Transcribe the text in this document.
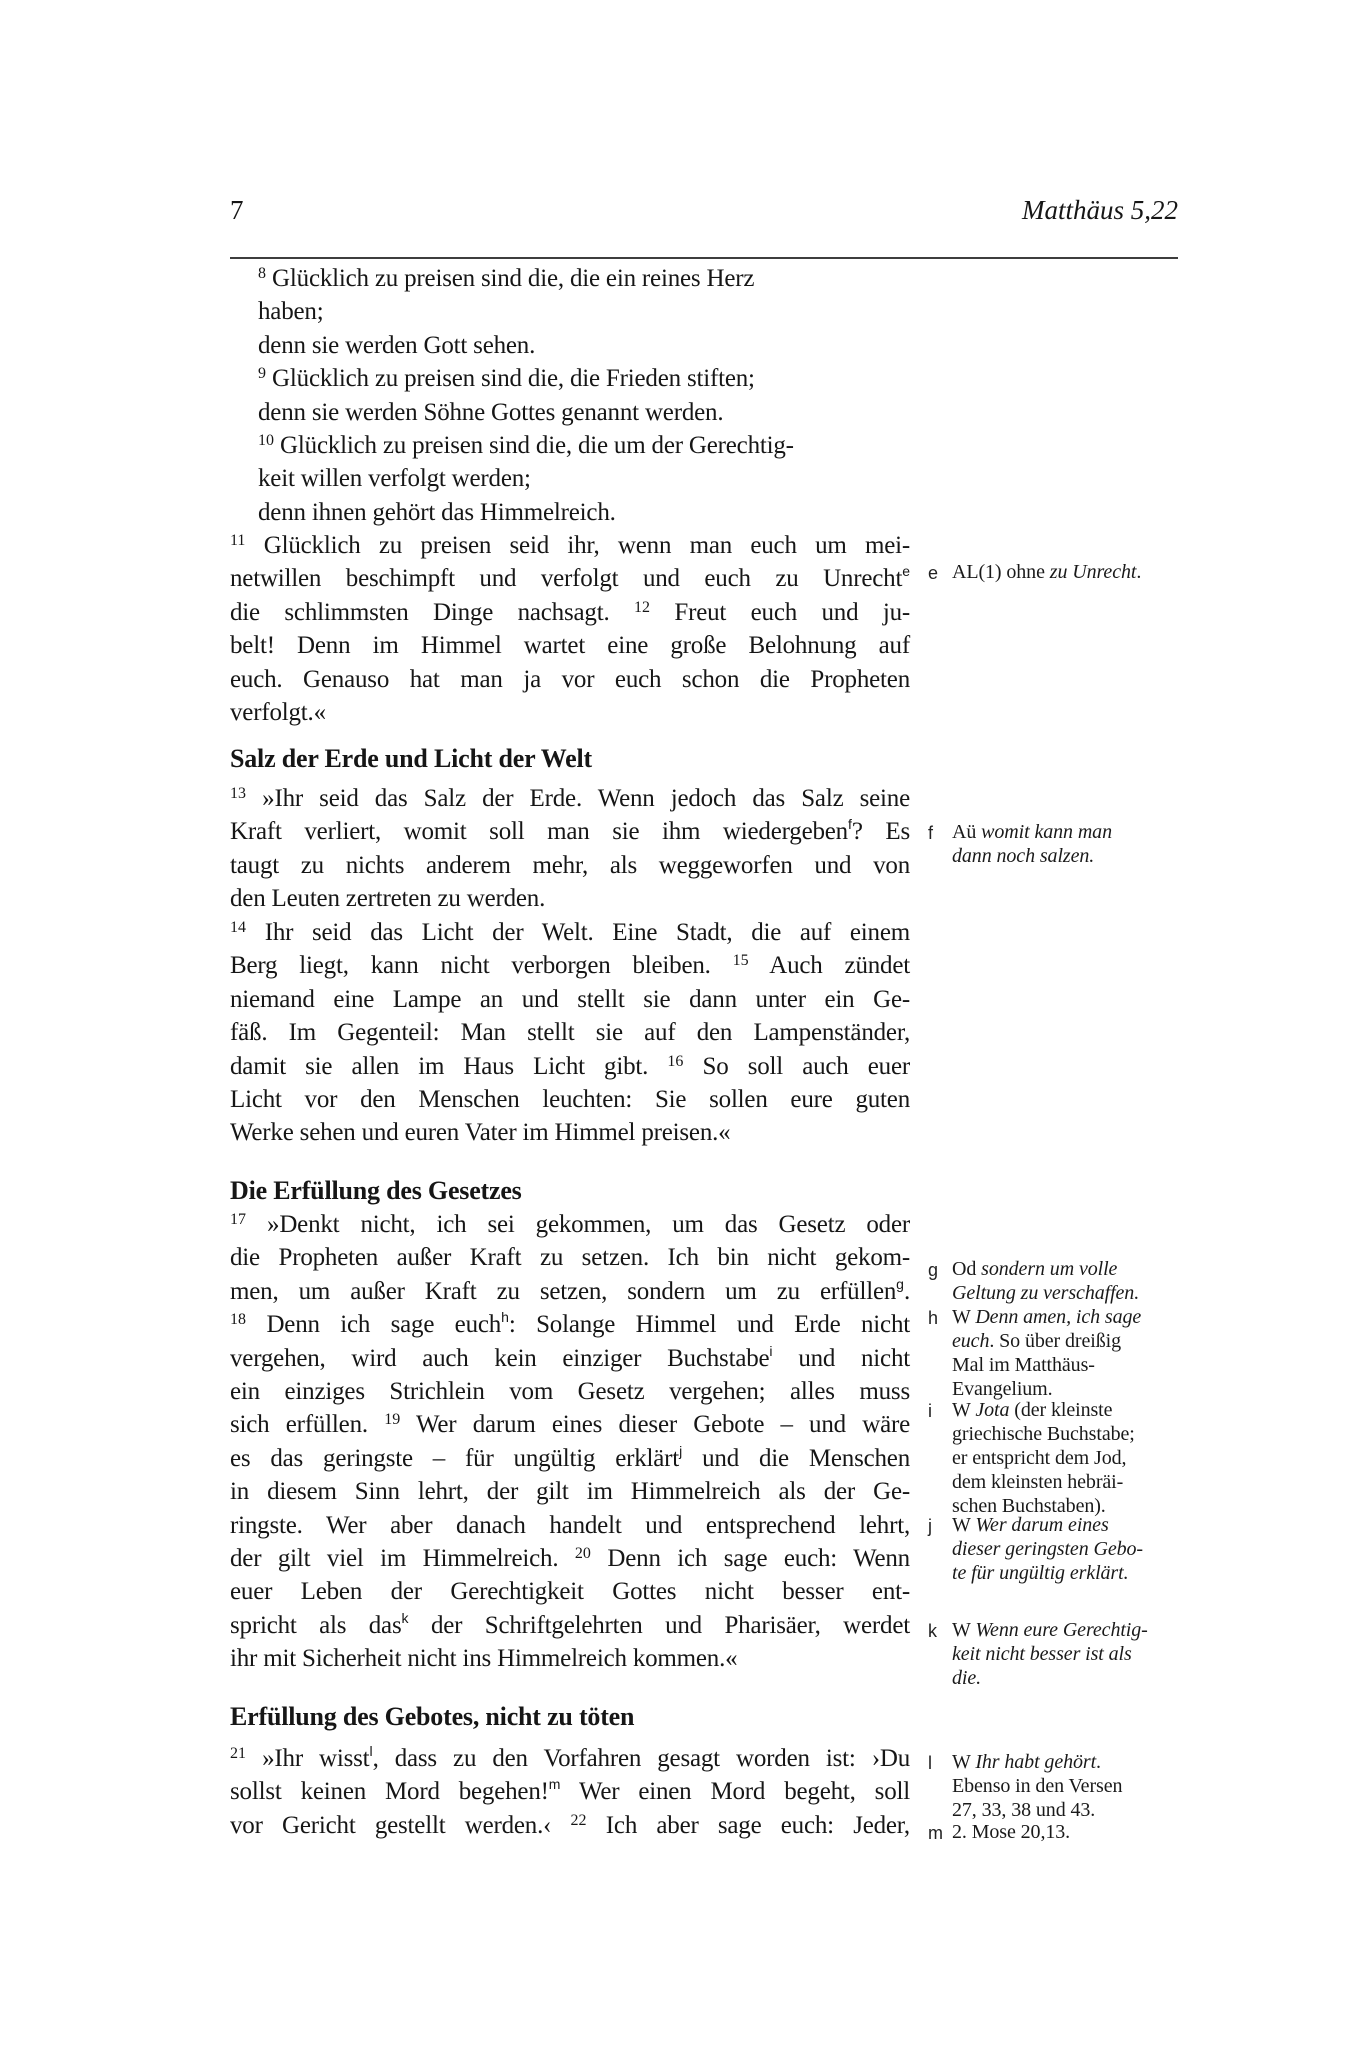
7	Matthäus 5,22
$^8$ Glücklich zu preisen sind die, die ein reines Herz
haben;
denn sie werden Gott sehen.
$^9$ Glücklich zu preisen sind die, die Frieden stiften;
denn sie werden Söhne Gottes genannt werden.
$^{10}$ Glücklich zu preisen sind die, die um der Gerechtig-
keit willen verfolgt werden;
denn ihnen gehört das Himmelreich.
$^{11}$ Glücklich zu preisen seid ihr, wenn man euch um mei-
netwillen beschimpft und verfolgt und euch zu Unrecht$^e$
die schlimmsten Dinge nachsagt. $^{12}$ Freut euch und ju-
belt! Denn im Himmel wartet eine große Belohnung auf
euch. Genauso hat man ja vor euch schon die Propheten
verfolgt.«
Salz der Erde und Licht der Welt
$^{13}$ »Ihr seid das Salz der Erde. Wenn jedoch das Salz seine
Kraft verliert, womit soll man sie ihm wiedergeben$^f$? Es
taugt zu nichts anderem mehr, als weggeworfen und von
den Leuten zertreten zu werden.
$^{14}$ Ihr seid das Licht der Welt. Eine Stadt, die auf einem
Berg liegt, kann nicht verborgen bleiben. $^{15}$ Auch zündet
niemand eine Lampe an und stellt sie dann unter ein Ge-
fäß. Im Gegenteil: Man stellt sie auf den Lampenständer,
damit sie allen im Haus Licht gibt. $^{16}$ So soll auch euer
Licht vor den Menschen leuchten: Sie sollen eure guten
Werke sehen und euren Vater im Himmel preisen.«
Die Erfüllung des Gesetzes
$^{17}$ »Denkt nicht, ich sei gekommen, um das Gesetz oder
die Propheten außer Kraft zu setzen. Ich bin nicht gekom-
men, um außer Kraft zu setzen, sondern um zu erfüllen$^g$.
$^{18}$ Denn ich sage euch$^h$: Solange Himmel und Erde nicht
vergehen, wird auch kein einziger Buchstabe$^i$ und nicht
ein einziges Strichlein vom Gesetz vergehen; alles muss
sich erfüllen. $^{19}$ Wer darum eines dieser Gebote – und wäre
es das geringste – für ungültig erklärt$^j$ und die Menschen
in diesem Sinn lehrt, der gilt im Himmelreich als der Ge-
ringste. Wer aber danach handelt und entsprechend lehrt,
der gilt viel im Himmelreich. $^{20}$ Denn ich sage euch: Wenn
euer Leben der Gerechtigkeit Gottes nicht besser ent-
spricht als das$^k$ der Schriftgelehrten und Pharisäer, werdet
ihr mit Sicherheit nicht ins Himmelreich kommen.«
Erfüllung des Gebotes, nicht zu töten
$^{21}$ »Ihr wisst$^l$, dass zu den Vorfahren gesagt worden ist: ›Du
sollst keinen Mord begehen!$^m$ Wer einen Mord begeht, soll
vor Gericht gestellt werden.‹ $^{22}$ Ich aber sage euch: Jeder,
e AL(1) ohne zu Unrecht.
f Aü womit kann man
dann noch salzen.
g Od sondern um volle
Geltung zu verschaffen.
h W Denn amen, ich sage
euch. So über dreißig
Mal im Matthäus-
Evangelium.
i W Jota (der kleinste
griechische Buchstabe;
er entspricht dem Jod,
dem kleinsten hebräi-
schen Buchstaben).
j W Wer darum eines
dieser geringsten Gebo-
te für ungültig erklärt.
k W Wenn eure Gerechtig-
keit nicht besser ist als
die.
l W Ihr habt gehört.
Ebenso in den Versen
27, 33, 38 und 43.
m 2. Mose 20,13.
